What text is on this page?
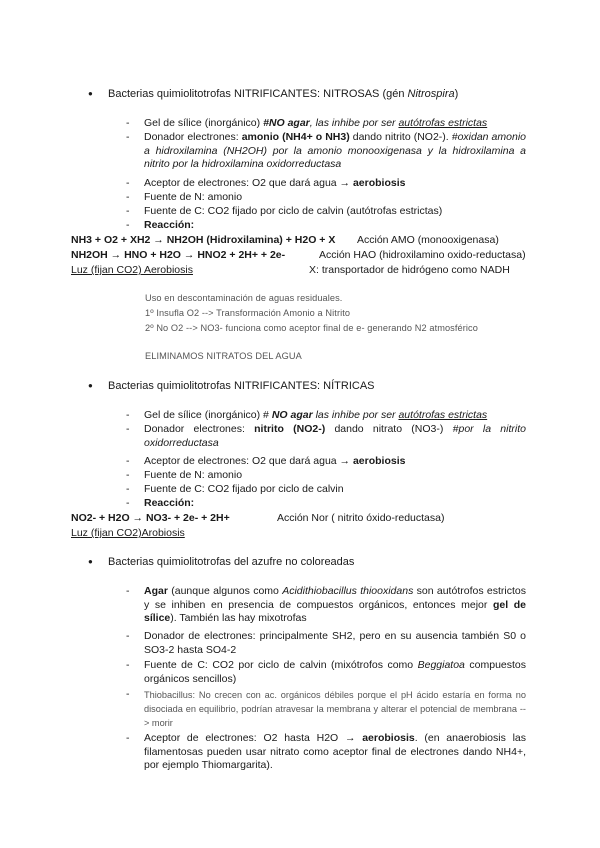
● Bacterias quimiolitotrofas NITRIFICANTES: NITROSAS (gén Nitrospira)
- Gel de sílice (inorgánico) #NO agar, las inhibe por ser autótrofas estrictas
- Donador electrones: amonio (NH4+ o NH3) dando nitrito (NO2-). #oxidan amonio a hidroxilamina (NH2OH) por la amonio monooxigenasa y la hidroxilamina a nitrito por la hidroxilamina oxidorreductasa
- Aceptor de electrones: O2 que dará agua → aerobiosis
- Fuente de N: amonio
- Fuente de C: CO2 fijado por ciclo de calvin (autótrofas estrictas)
- Reacción:
NH3 + O2 + XH2 → NH2OH (Hidroxilamina) + H2O + X Acción AMO (monooxigenasa)
NH2OH → HNO + H2O → HNO2 + 2H+ + 2e-	Acción HAO (hidroxilamino oxido-reductasa)
Luz (fijan CO2) Aerobiosis	X: transportador de hidrógeno como NADH
Uso en descontaminación de aguas residuales.
1º Insufla O2 --> Transformación Amonio a Nitrito
2º No O2 --> NO3- funciona como aceptor final de e- generando N2 atmosférico
ELIMINAMOS NITRATOS DEL AGUA
● Bacterias quimiolitotrofas NITRIFICANTES: NÍTRICAS
- Gel de sílice (inorgánico) # NO agar las inhibe por ser autótrofas estrictas
- Donador electrones: nitrito (NO2-) dando nitrato (NO3-) #por la nitrito oxidorreductasa
- Aceptor de electrones: O2 que dará agua → aerobiosis
- Fuente de N: amonio
- Fuente de C: CO2 fijado por ciclo de calvin
- Reacción:
NO2- + H2O → NO3- + 2e- + 2H+	Acción Nor ( nitrito óxido-reductasa)
Luz (fijan CO2)Arobiosis
● Bacterias quimiolitotrofas del azufre no coloreadas
- Agar (aunque algunos como Acidithiobacillus thiooxidans son autótrofos estrictos y se inhiben en presencia de compuestos orgánicos, entonces mejor gel de sílice). También las hay mixotrofas
- Donador de electrones: principalmente SH2, pero en su ausencia también S0 o SO3-2 hasta SO4-2
- Fuente de C: CO2 por ciclo de calvin (mixótrofos como Beggiatoa compuestos orgánicos sencillos)
- Thiobacillus: No crecen con ac. orgánicos débiles porque el pH ácido estaría en forma no disociada en equilibrio, podrían atravesar la membrana y alterar el potencial de membrana --> morir
- Aceptor de electrones: O2 hasta H2O → aerobiosis. (en anaerobiosis las filamentosas pueden usar nitrato como aceptor final de electrones dando NH4+, por ejemplo Thiomargarita).
